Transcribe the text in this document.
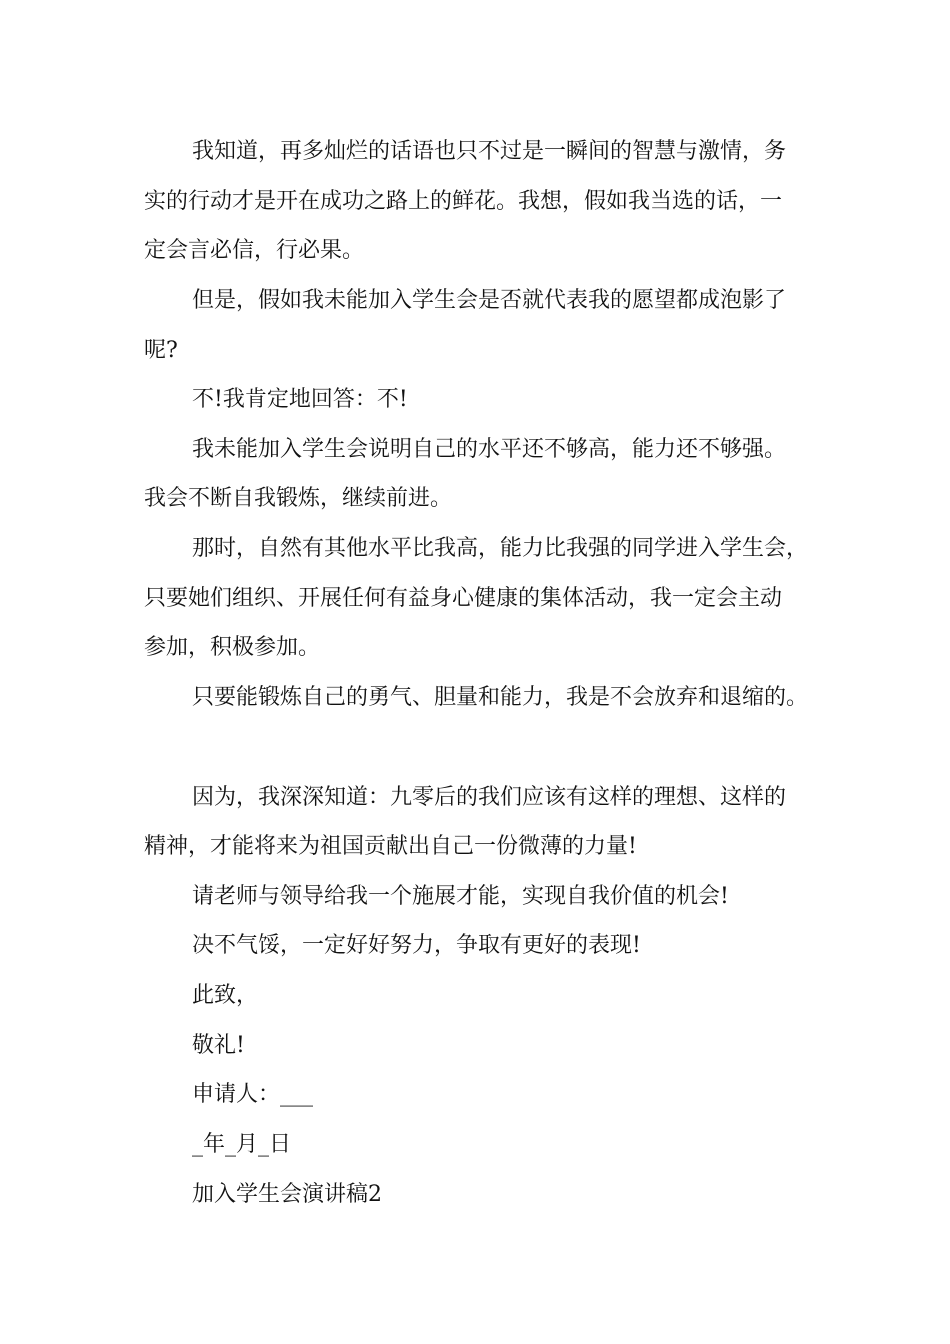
我知道，再多灿烂的话语也只不过是一瞬间的智慧与激情，务
实的行动才是开在成功之路上的鲜花。我想，假如我当选的话，一
定会言必信，行必果。
但是，假如我未能加入学生会是否就代表我的愿望都成泡影了
呢?
不!我肯定地回答：不!
我未能加入学生会说明自己的水平还不够高，能力还不够强。
我会不断自我锻炼，继续前进。
那时，自然有其他水平比我高，能力比我强的同学进入学生会，
只要她们组织、开展任何有益身心健康的集体活动，我一定会主动
参加，积极参加。
只要能锻炼自己的勇气、胆量和能力，我是不会放弃和退缩的。
因为，我深深知道：九零后的我们应该有这样的理想、这样的
精神，才能将来为祖国贡献出自己一份微薄的力量!
请老师与领导给我一个施展才能，实现自我价值的机会!
决不气馁，一定好好努力，争取有更好的表现!
此致，
敬礼!
申请人：___
_年_月_日
加入学生会演讲稿2
